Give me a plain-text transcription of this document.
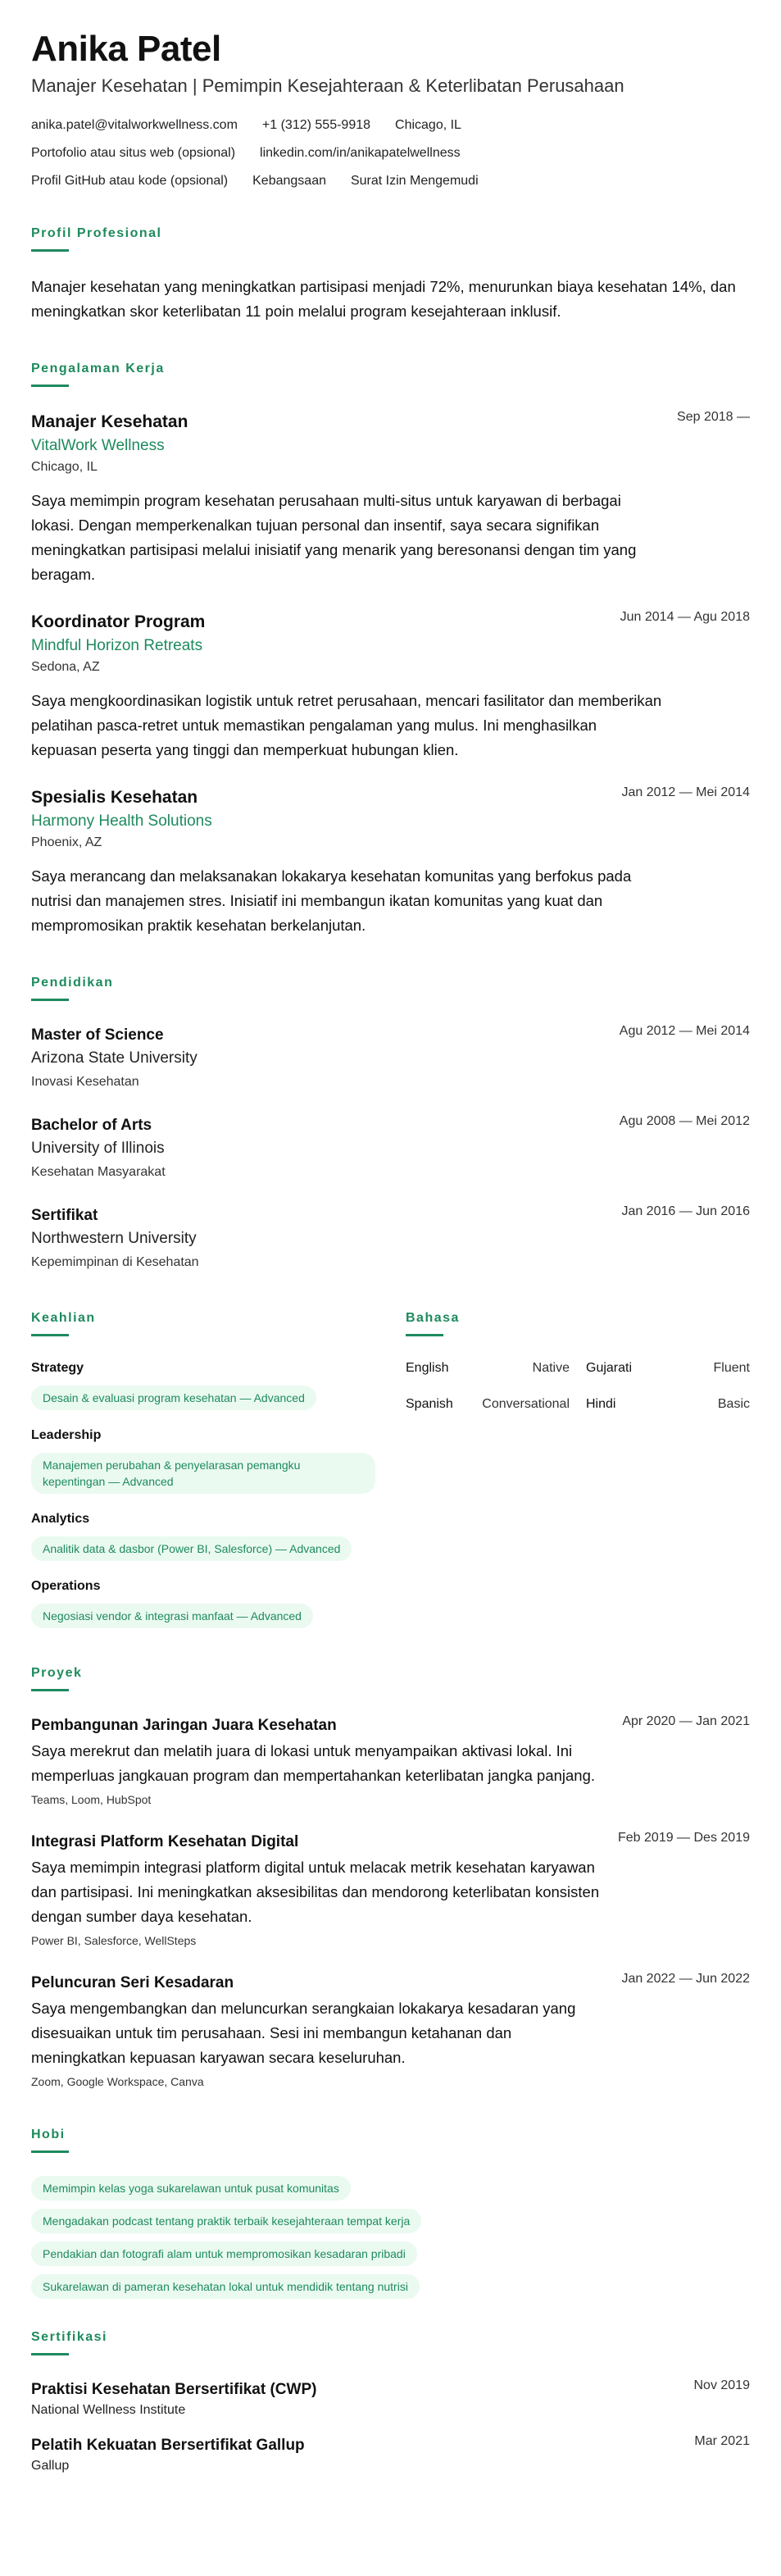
Anika Patel
Manajer Kesehatan | Pemimpin Kesejahteraan & Keterlibatan Perusahaan
anika.patel@vitalworkwellness.com +1 (312) 555-9918 Chicago, IL
Portofolio atau situs web (opsional) linkedin.com/in/anikapatelwellness
Profil GitHub atau kode (opsional) Kebangsaan Surat Izin Mengemudi
Profil Profesional

Manajer kesehatan yang meningkatkan partisipasi menjadi 72%, menurunkan biaya kesehatan 14%, dan meningkatkan skor keterlibatan 11 poin melalui program kesejahteraan inklusif.

Pengalaman Kerja
Sep 2018 —
Manajer Kesehatan
VitalWork Wellness
Chicago, IL
Saya memimpin program kesehatan perusahaan multi-situs untuk karyawan di berbagai lokasi. Dengan memperkenalkan tujuan personal dan insentif, saya secara signifikan meningkatkan partisipasi melalui inisiatif yang menarik yang beresonansi dengan tim yang beragam.
Jun 2014 — Agu 2018
Koordinator Program
Mindful Horizon Retreats
Sedona, AZ
Saya mengkoordinasikan logistik untuk retret perusahaan, mencari fasilitator dan memberikan pelatihan pasca-retret untuk memastikan pengalaman yang mulus. Ini menghasilkan kepuasan peserta yang tinggi dan memperkuat hubungan klien.
Jan 2012 — Mei 2014
Spesialis Kesehatan
Harmony Health Solutions
Phoenix, AZ
Saya merancang dan melaksanakan lokakarya kesehatan komunitas yang berfokus pada nutrisi dan manajemen stres. Inisiatif ini membangun ikatan komunitas yang kuat dan mempromosikan praktik kesehatan berkelanjutan.
Pendidikan
Agu 2012 — Mei 2014
Master of Science
Arizona State University
Inovasi Kesehatan
Agu 2008 — Mei 2012
Bachelor of Arts
University of Illinois
Kesehatan Masyarakat
Jan 2016 — Jun 2016
Sertifikat
Northwestern University
Kepemimpinan di Kesehatan
Keahlian
Strategy
Desain & evaluasi program kesehatan — Advanced
Leadership
Manajemen perubahan & penyelarasan pemangku kepentingan — Advanced
Analytics
Analitik data & dasbor (Power BI, Salesforce) — Advanced
Operations
Negosiasi vendor & integrasi manfaat — Advanced
Bahasa
English	Native Gujarati	Fluent
Spanish Conversational Hindi	Basic
Proyek
Apr 2020 — Jan 2021
Pembangunan Jaringan Juara Kesehatan
Saya merekrut dan melatih juara di lokasi untuk menyampaikan aktivasi lokal. Ini memperluas jangkauan program dan mempertahankan keterlibatan jangka panjang.
Teams, Loom, HubSpot
Feb 2019 — Des 2019
Integrasi Platform Kesehatan Digital
Saya memimpin integrasi platform digital untuk melacak metrik kesehatan karyawan dan partisipasi. Ini meningkatkan aksesibilitas dan mendorong keterlibatan konsisten dengan sumber daya kesehatan.
Power BI, Salesforce, WellSteps
Jan 2022 — Jun 2022
Peluncuran Seri Kesadaran
Saya mengembangkan dan meluncurkan serangkaian lokakarya kesadaran yang disesuaikan untuk tim perusahaan. Sesi ini membangun ketahanan dan meningkatkan kepuasan karyawan secara keseluruhan.
Zoom, Google Workspace, Canva
Hobi
Memimpin kelas yoga sukarelawan untuk pusat komunitas
Mengadakan podcast tentang praktik terbaik kesejahteraan tempat kerja
Pendakian dan fotografi alam untuk mempromosikan kesadaran pribadi
Sukarelawan di pameran kesehatan lokal untuk mendidik tentang nutrisi
Sertifikasi
Nov 2019
Praktisi Kesehatan Bersertifikat (CWP)
National Wellness Institute
Mar 2021
Pelatih Kekuatan Bersertifikat Gallup
Gallup
